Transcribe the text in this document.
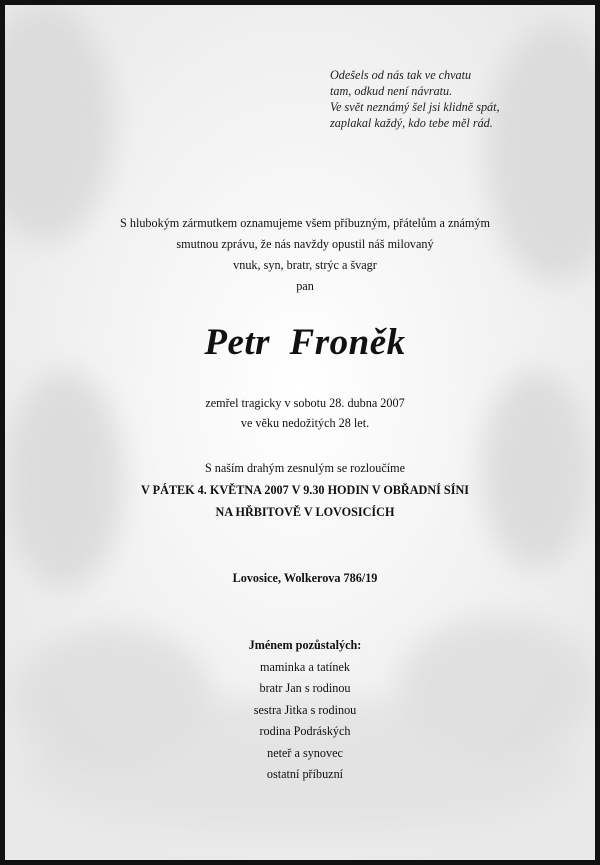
Odešels od nás tak ve chvatu
tam, odkud není návratu.
Ve svět neznámý šel jsi klidně spát,
zaplakal každý, kdo tebe měl rád.
S hlubokým zármutkem oznamujeme všem příbuzným, přátelům a známým
smutnou zprávu, že nás navždy opustil náš milovaný
vnuk, syn, bratr, strýc a švagr
pan
Petr  Froněk
zemřel tragicky v sobotu 28. dubna 2007
ve věku nedožitých 28 let.
S naším drahým zesnulým se rozloučíme
V PÁTEK 4. KVĚTNA 2007 V 9.30 HODIN V OBŘADNÍ SÍNI
NA HŘBITOVĚ V LOVOSICÍCH
Lovosice, Wolkerova 786/19
Jménem pozůstalých:
maminka a tatínek
bratr Jan s rodinou
sestra Jitka s rodinou
rodina Podráských
neteř a synovec
ostatní příbuzní
